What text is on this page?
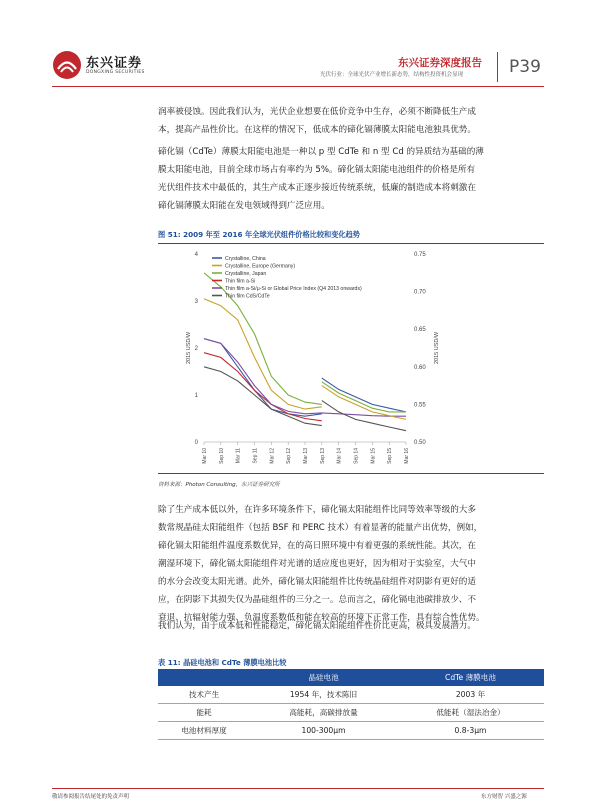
东兴证券
DONGXING SECURITIES
东兴证券深度报告
光伏行业：全球光伏产业增长新态势，结构性投资机会显现	P39
润率被侵蚀。因此我们认为，光伏企业想要在低价竞争中生存，必须不断降低生产成
本，提高产品性价比。在这样的情况下，低成本的碲化镉薄膜太阳能电池独具优势。
碲化镉（CdTe）薄膜太阳能电池是一种以 p 型 CdTe 和 n 型 Cd 的异质结为基础的薄
膜太阳能电池，目前全球市场占有率约为 5%。碲化镉太阳能电池组件的价格是所有
光伏组件技术中最低的，其生产成本正逐步接近传统系统，低廉的制造成本将刺激在
碲化镉薄膜太阳能在发电领域得到广泛应用。
图 51: 2009 年至 2016 年全球光伏组件价格比较和变化趋势
0
1
2
3
4
0.50
0.55
0.60
0.65
0.70
0.75
2015 USD/W	2015 USD/W
Mar 10 Sep 10 Mar 11 Sep 11 Mar 12 Sep 12 Mar 13 Sep 13 Mar 14 Sep 14 Mar 15 Sep 15 Mar 16
Crystalline, China
Crystalline, Europe (Germany)
Crystalline, Japan
Thin film a-Si
Thin film a-Si/μ-Si or Global Price Index (Q4 2013 onwards)
Thin film CdS/CdTe
资料来源：Photon Consulting，东兴证券研究所
除了生产成本低以外，在许多环境条件下，碲化镉太阳能组件比同等效率等级的大多
数常规晶硅太阳能组件（包括 BSF 和 PERC 技术）有着显著的能量产出优势，例如，
碲化镉太阳能组件温度系数优异，在的高日照环境中有着更强的系统性能。其次，在
潮湿环境下，碲化镉太阳能组件对光谱的适应度也更好，因为相对于实验室，大气中
的水分会改变太阳光谱。此外，碲化镉太阳能组件比传统晶硅组件对阴影有更好的适
应，在阴影下其损失仅为晶硅组件的三分之一。总而言之，碲化镉电池碳排放少、不
衰退、抗辐射能力强、负温度系数低和能在较高的环境下正常工作，具有综合性优势。
我们认为，由于成本低和性能稳定，碲化镉太阳能组件性价比更高，极具发展潜力。
表 11: 晶硅电池和 CdTe 薄膜电池比较
	晶硅电池	CdTe 薄膜电池
技术产生	1954 年，技术陈旧	2003 年
能耗	高能耗，高碳排放量	低能耗（湿法冶金）
电池材料厚度	100-300μm	0.8-3μm
敬请参阅报告结尾处的免责声明	东方财智 兴盛之源
